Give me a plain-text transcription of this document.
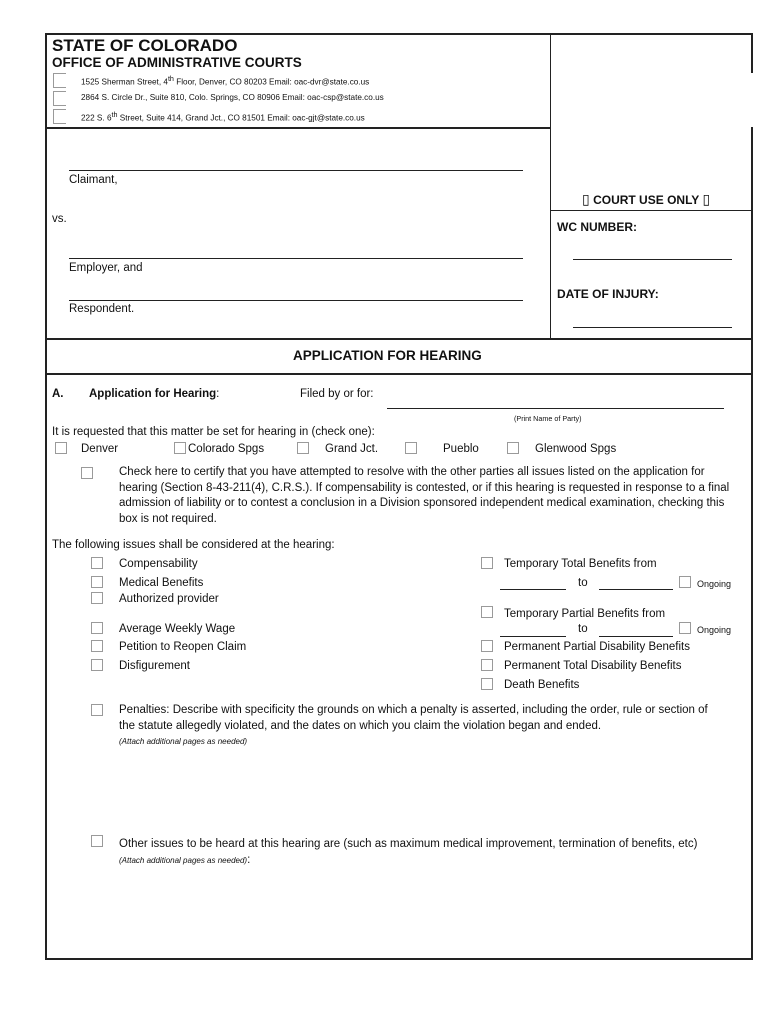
STATE OF COLORADO
OFFICE OF ADMINISTRATIVE COURTS
1525 Sherman Street, 4th Floor, Denver, CO 80203 Email: oac-dvr@state.co.us
2864 S. Circle Dr., Suite 810, Colo. Springs, CO 80906 Email: oac-csp@state.co.us
222 S. 6th Street, Suite 414, Grand Jct., CO 81501 Email: oac-gjt@state.co.us
Claimant,
vs.
Employer, and
Respondent.
▯ COURT USE ONLY ▯
WC NUMBER:
DATE OF INJURY:
APPLICATION FOR HEARING
A. Application for Hearing:	Filed by or for:
(Print Name of Party)
It is requested that this matter be set for hearing in (check one):
Denver	Colorado Spgs	Grand Jct.	Pueblo	Glenwood Spgs
Check here to certify that you have attempted to resolve with the other parties all issues listed on the application for hearing (Section 8-43-211(4), C.R.S.). If compensability is contested, or if this hearing is requested in response to a final admission of liability or to contest a conclusion in a Division sponsored independent medical examination, checking this box is not required.
The following issues shall be considered at the hearing:
Compensability
Medical Benefits
Authorized provider
Average Weekly Wage
Petition to Reopen Claim
Disfigurement
Temporary Total Benefits from
to	Ongoing
Temporary Partial Benefits from
to	Ongoing
Permanent Partial Disability Benefits
Permanent Total Disability Benefits
Death Benefits
Penalties: Describe with specificity the grounds on which a penalty is asserted, including the order, rule or section of the statute allegedly violated, and the dates on which you claim the violation began and ended.
(Attach additional pages as needed)
Other issues to be heard at this hearing are (such as maximum medical improvement, termination of benefits, etc) (Attach additional pages as needed):
